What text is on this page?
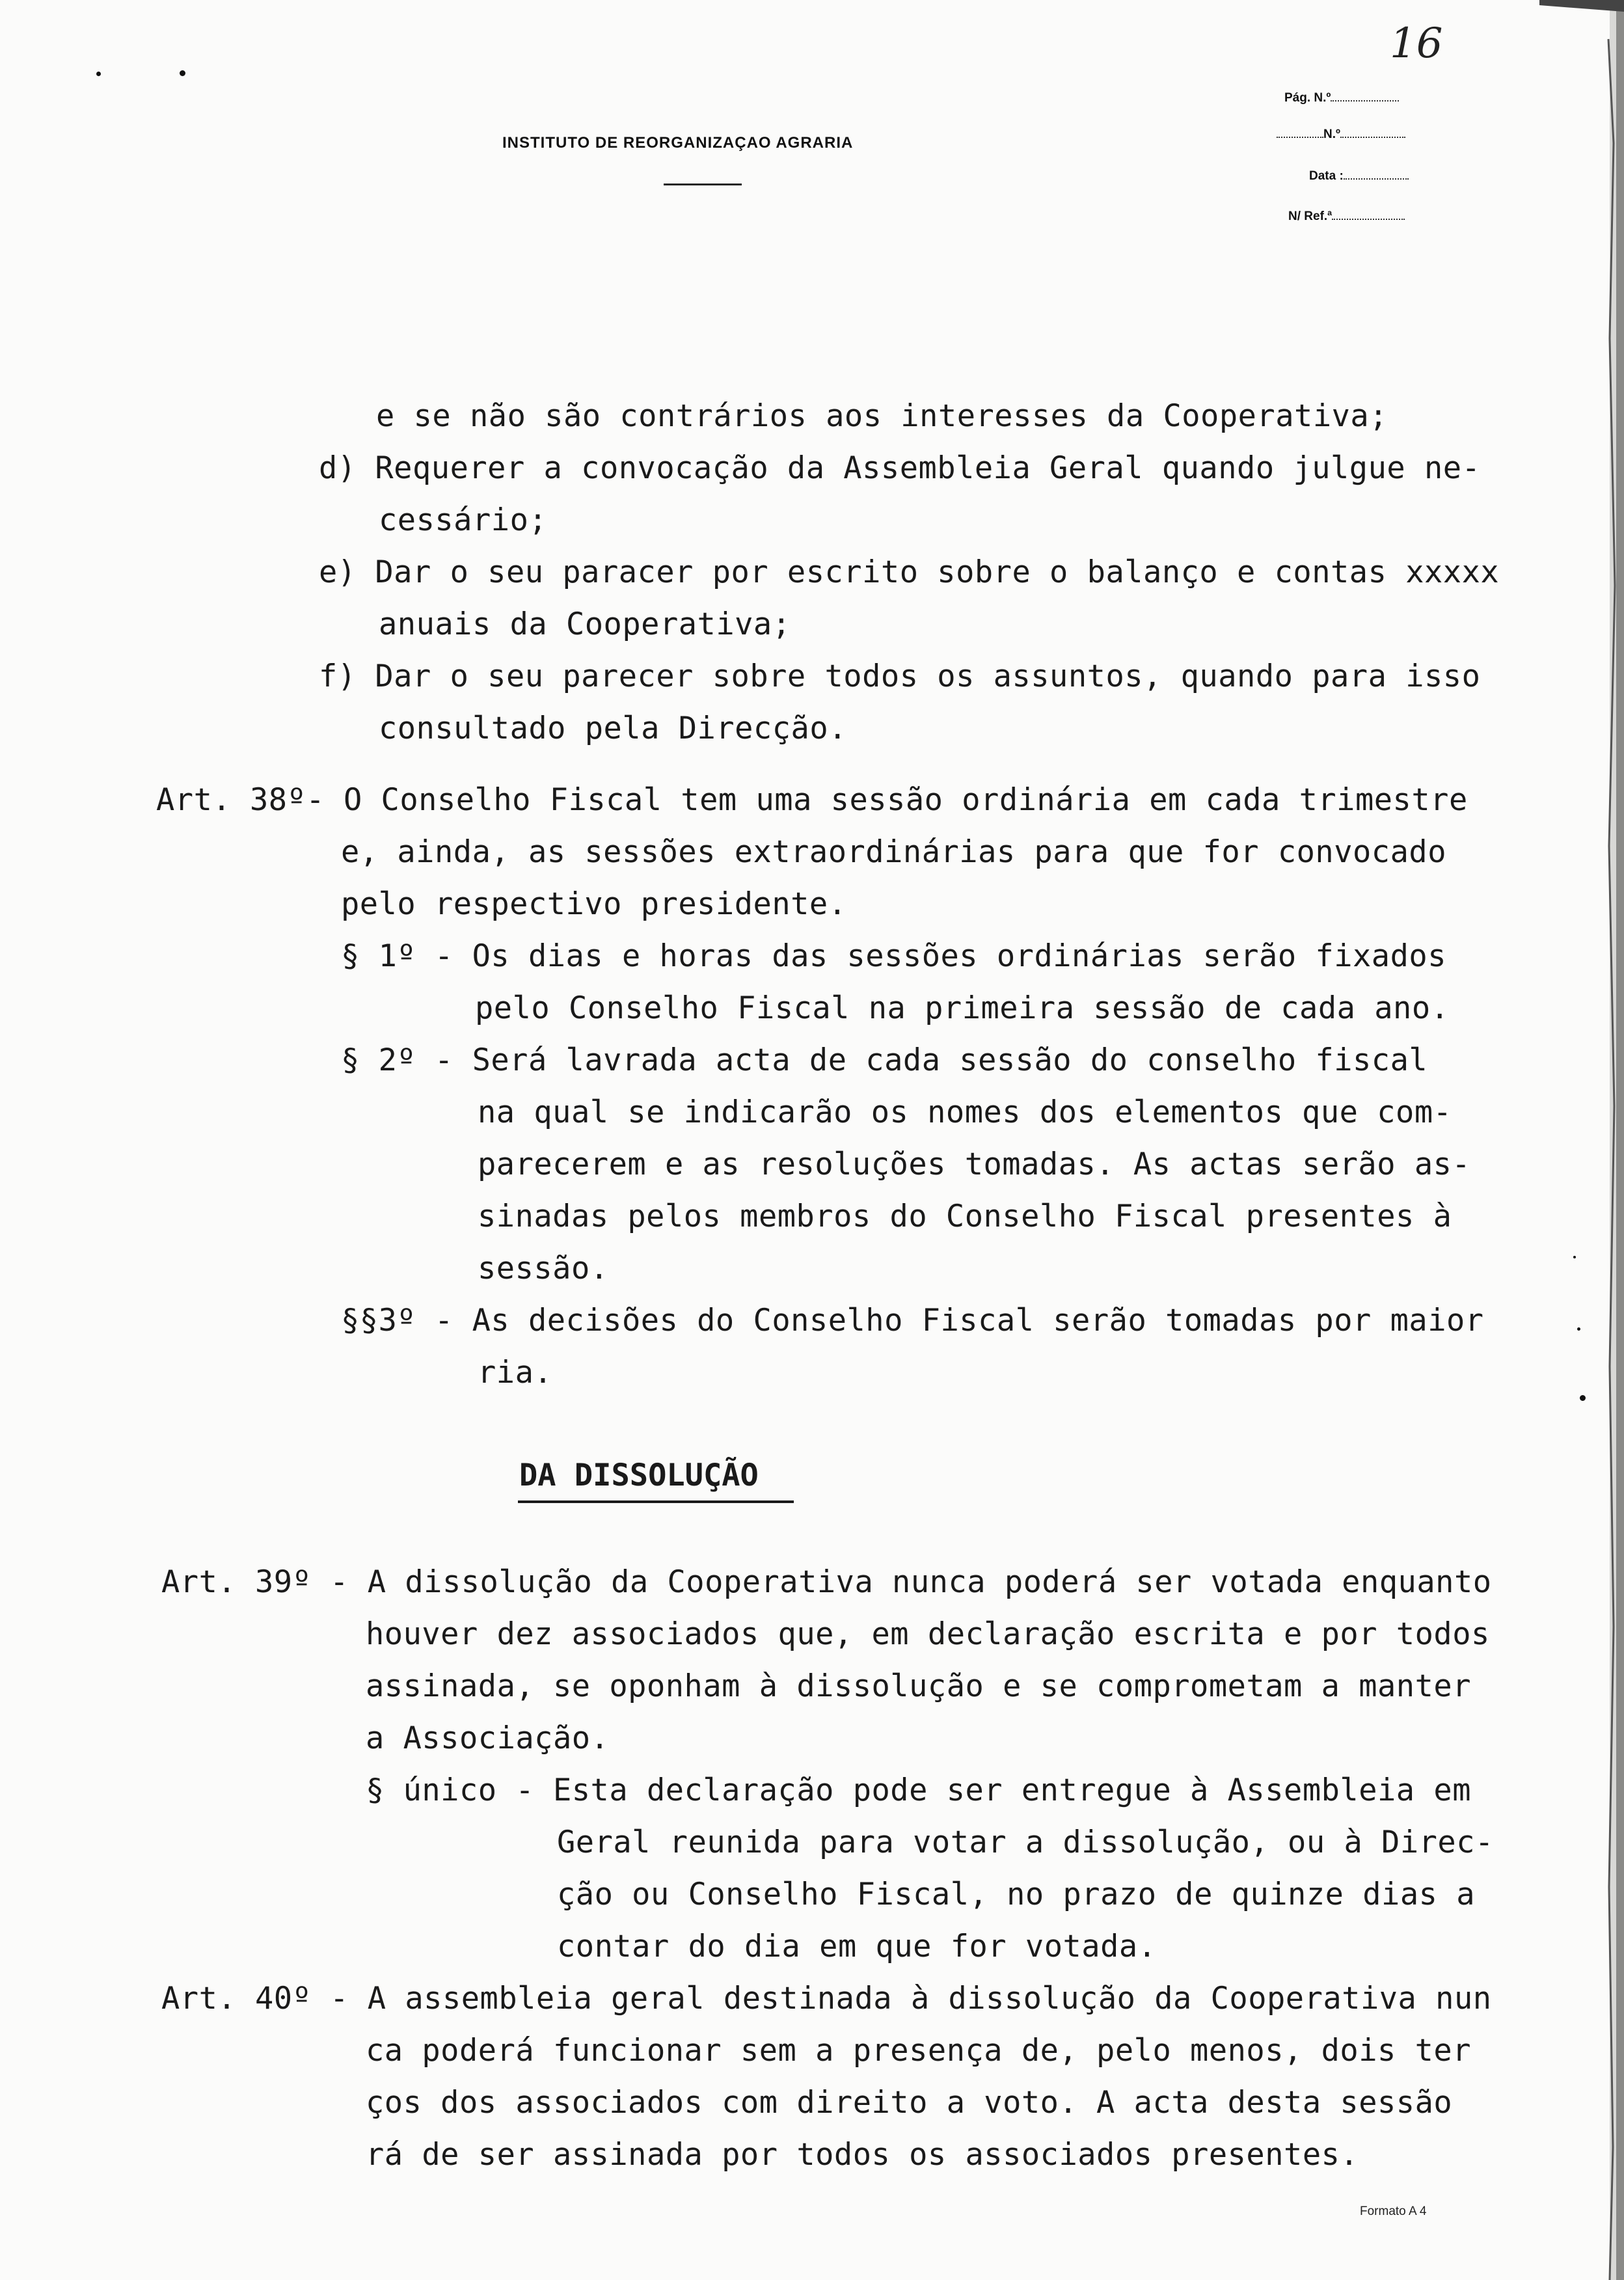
INSTITUTO DE REORGANIZAÇAO AGRARIA
Pág. N.º
N.º
Data :
N/ Ref.ª
16
e se não são contrários aos interesses da Cooperativa;
d) Requerer a convocação da Assembleia Geral quando julgue ne-
cessário;
e) Dar o seu paracer por escrito sobre o balanço e contas xxxxx
anuais da Cooperativa;
f) Dar o seu parecer sobre todos os assuntos, quando para isso
consultado pela Direcção.
Art. 38º- O Conselho Fiscal tem uma sessão ordinária em cada trimestre
e, ainda, as sessões extraordinárias para que for convocado
pelo respectivo presidente.
§ 1º - Os dias e horas das sessões ordinárias serão fixados
pelo Conselho Fiscal na primeira sessão de cada ano.
§ 2º - Será lavrada acta de cada sessão do conselho fiscal
na qual se indicarão os nomes dos elementos que com-
parecerem e as resoluções tomadas. As actas serão as-
sinadas pelos membros do Conselho Fiscal presentes à
sessão.
§§3º - As decisões do Conselho Fiscal serão tomadas por maior
ria.
DA DISSOLUÇÃO
Art. 39º - A dissolução da Cooperativa nunca poderá ser votada enquanto
houver dez associados que, em declaração escrita e por todos
assinada, se oponham à dissolução e se comprometam a manter
a Associação.
§ único - Esta declaração pode ser entregue à Assembleia em
Geral reunida para votar a dissolução, ou à Direc-
ção ou Conselho Fiscal, no prazo de quinze dias a
contar do dia em que for votada.
Art. 40º - A assembleia geral destinada à dissolução da Cooperativa nun
ca poderá funcionar sem a presença de, pelo menos, dois ter
ços dos associados com direito a voto. A acta desta sessão
rá de ser assinada por todos os associados presentes.
Formato A 4
